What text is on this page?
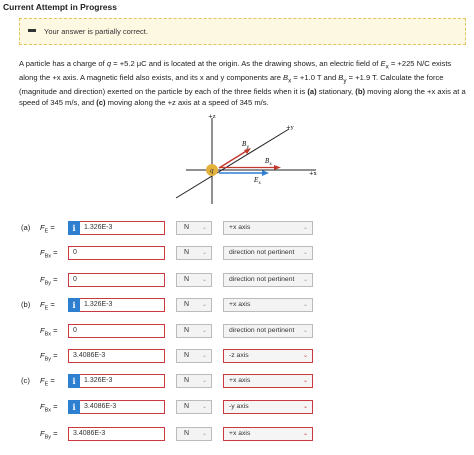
Current Attempt in Progress
Your answer is partially correct.
A particle has a charge of q = +5.2 μC and is located at the origin. As the drawing shows, an electric field of $E_x = +225$ N/C exists along the +x axis. A magnetic field also exists, and its x and y components are $B_x = +1.0$ T and $B_y = +1.9$ T. Calculate the force (magnitude and direction) exerted on the particle by each of the three fields when it is (a) stationary, (b) moving along the +x axis at a speed of 345 m/s, and (c) moving along the +z axis at a speed of 345 m/s.
+z
+y
+x
$B_y$
$B_x$
$E_x$
q
(a) $F_E$ =	i	1.326E-3	N ⌄	+x axis	⌄
$F_{Bx}$ =	0	N ⌄	direction not pertinent ⌄
$F_{By}$ =	0	N ⌄	direction not pertinent ⌄
(b) $F_E$ =	i	1.326E-3	N ⌄	+x axis	⌄
$F_{Bx}$ =	0	N ⌄	direction not pertinent ⌄
$F_{By}$ =	3.4086E-3	N ⌄	-z axis	⌄
(c) $F_E$ =	i	1.326E-3	N ⌄	+x axis	⌄
$F_{Bx}$ =	i	3.4086E-3	N ⌄	-y axis	⌄
$F_{By}$ =	3.4086E-3	N ⌄	+x axis	⌄
